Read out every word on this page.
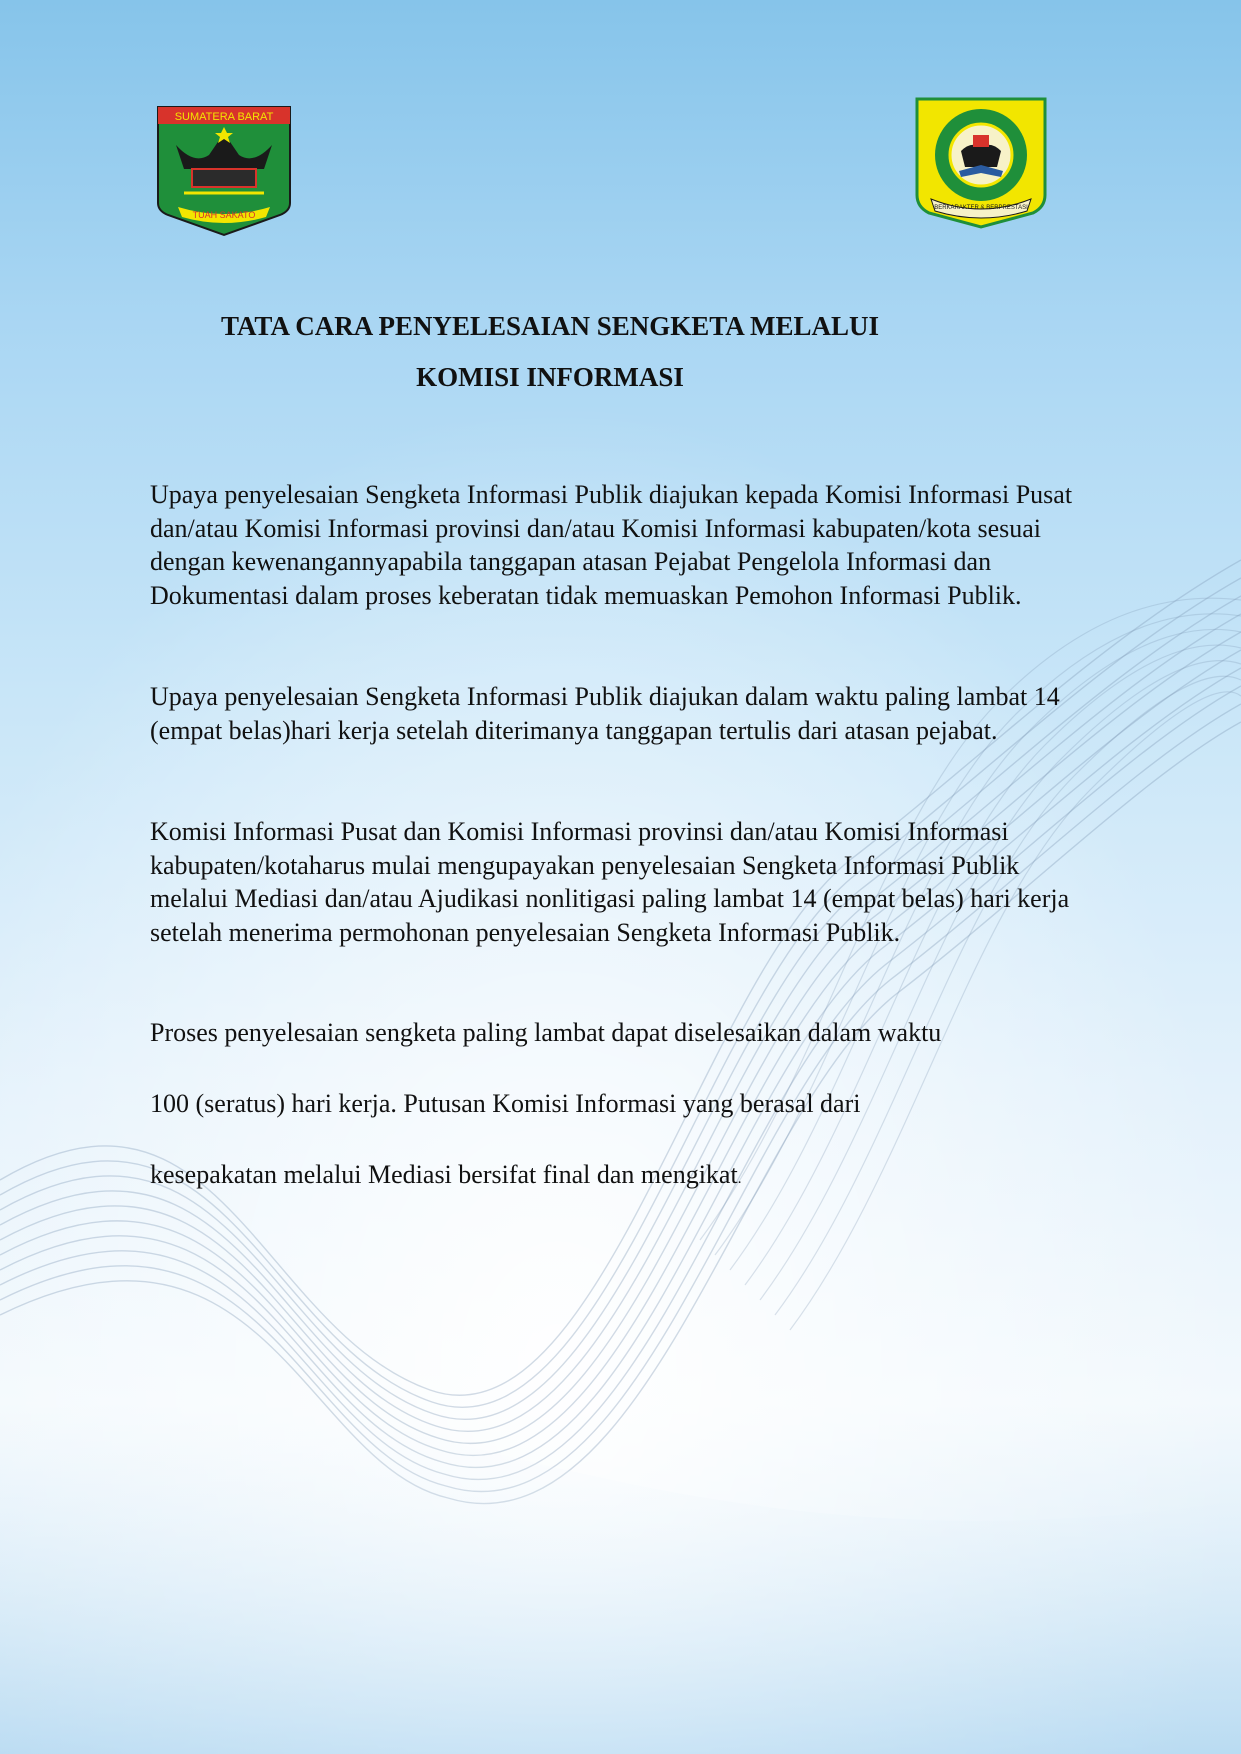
SUMATERA BARAT
TUAH SAKATO
BERKARAKTER & BERPRESTASI
TATA CARA PENYELESAIAN SENGKETA MELALUI
KOMISI INFORMASI

Upaya penyelesaian Sengketa Informasi Publik diajukan kepada Komisi Informasi Pusat dan/atau Komisi Informasi provinsi dan/atau Komisi Informasi kabupaten/kota sesuai dengan kewenangannyapabila tanggapan atasan Pejabat Pengelola Informasi dan Dokumentasi dalam proses keberatan tidak memuaskan Pemohon Informasi Publik.

Upaya penyelesaian Sengketa Informasi Publik diajukan dalam waktu paling lambat 14 (empat belas)hari kerja setelah diterimanya tanggapan tertulis dari atasan pejabat.

Komisi Informasi Pusat dan Komisi Informasi provinsi dan/atau Komisi Informasi kabupaten/kotaharus mulai mengupayakan penyelesaian Sengketa Informasi Publik melalui Mediasi dan/atau Ajudikasi nonlitigasi paling lambat 14 (empat belas) hari kerja setelah menerima permohonan penyelesaian Sengketa Informasi Publik.

Proses penyelesaian sengketa paling lambat dapat diselesaikan dalam waktu

100 (seratus) hari kerja. Putusan Komisi Informasi yang berasal dari

kesepakatan melalui Mediasi bersifat final dan mengikat.
